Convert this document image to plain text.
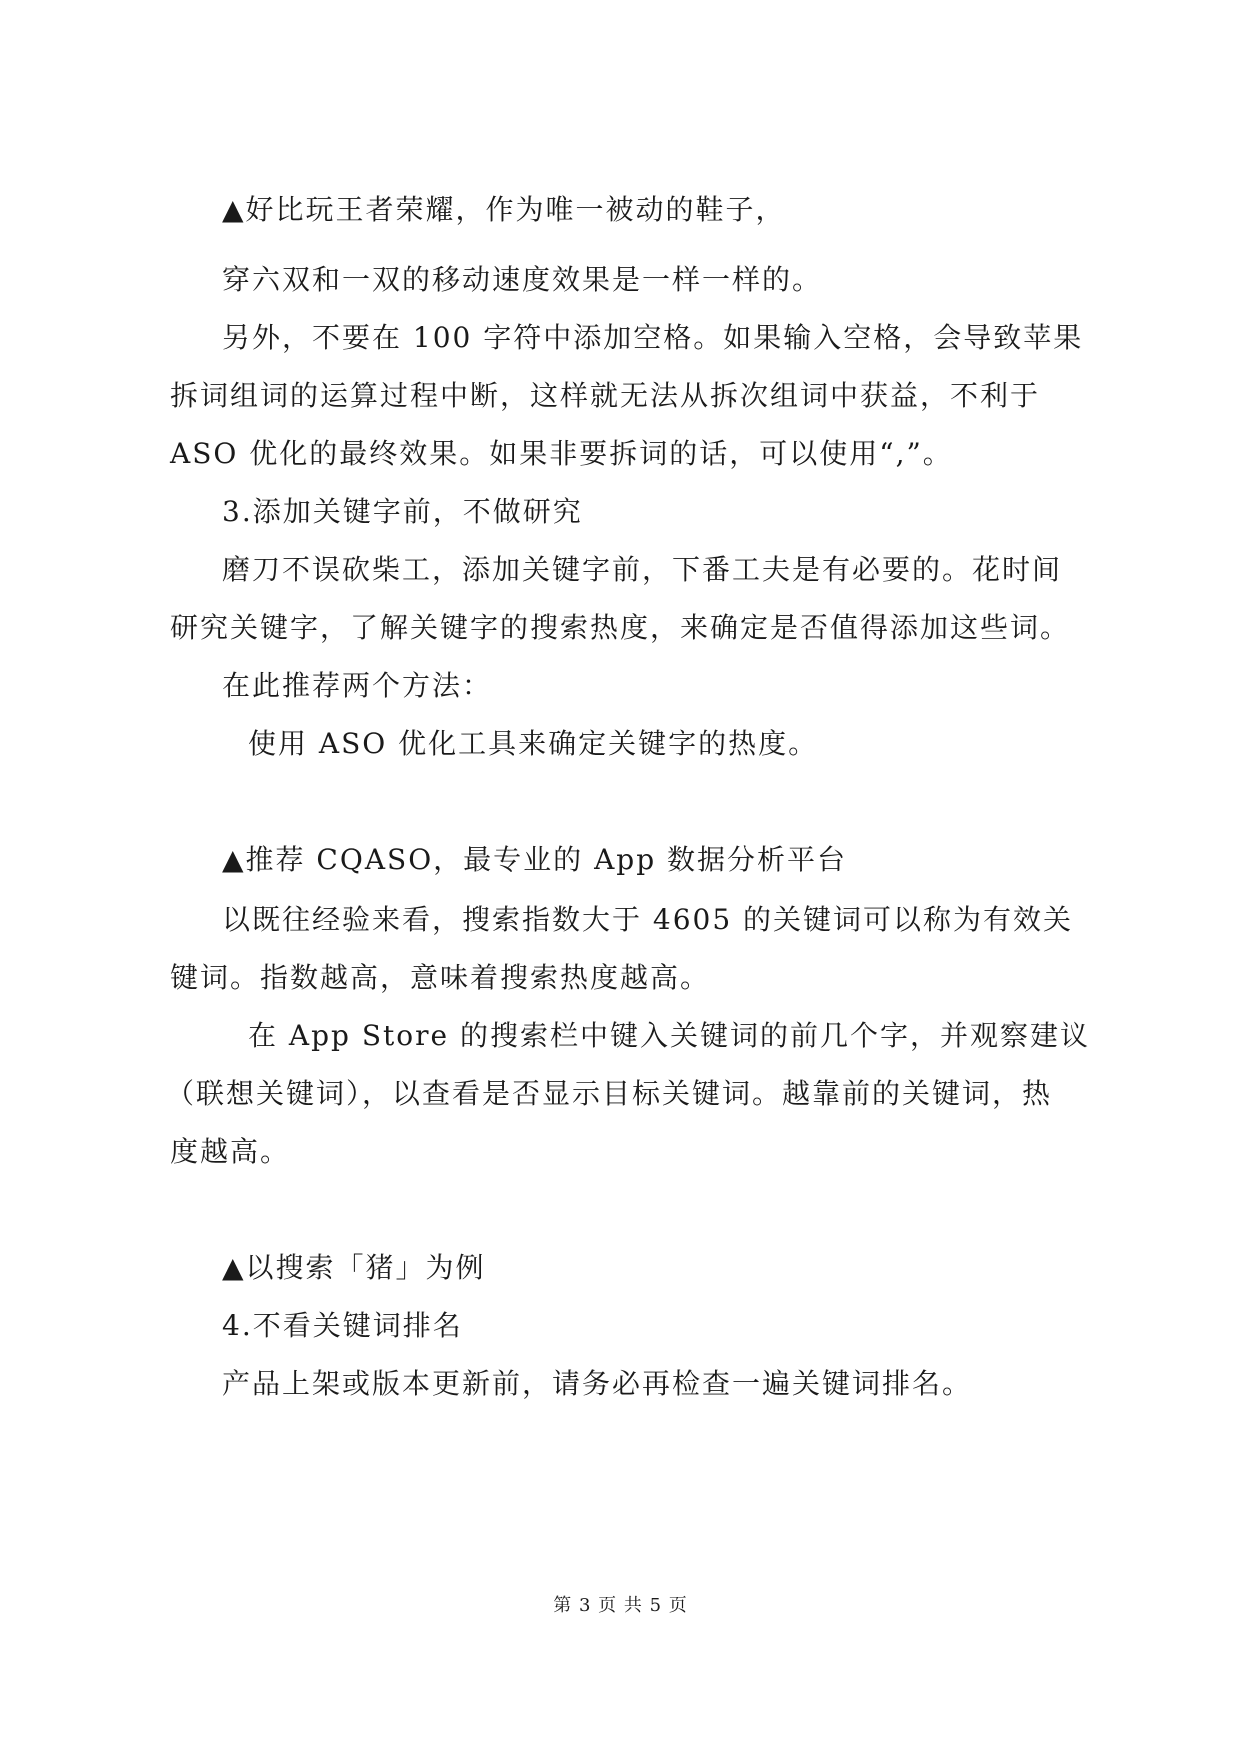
▲好比玩王者荣耀，作为唯一被动的鞋子，
穿六双和一双的移动速度效果是一样一样的。
另外，不要在 100 字符中添加空格。如果输入空格，会导致苹果
拆词组词的运算过程中断，这样就无法从拆次组词中获益，不利于
ASO 优化的最终效果。如果非要拆词的话，可以使用“,”。
3.添加关键字前，不做研究
磨刀不误砍柴工，添加关键字前，下番工夫是有必要的。花时间
研究关键字，了解关键字的搜索热度，来确定是否值得添加这些词。
在此推荐两个方法：
使用 ASO 优化工具来确定关键字的热度。
▲推荐 CQASO，最专业的 App 数据分析平台
以既往经验来看，搜索指数大于 4605 的关键词可以称为有效关
键词。指数越高，意味着搜索热度越高。
在 App Store 的搜索栏中键入关键词的前几个字，并观察建议
（联想关键词），以查看是否显示目标关键词。越靠前的关键词，热
度越高。
▲以搜索「猪」为例
4.不看关键词排名
产品上架或版本更新前，请务必再检查一遍关键词排名。
第 3 页 共 5 页
